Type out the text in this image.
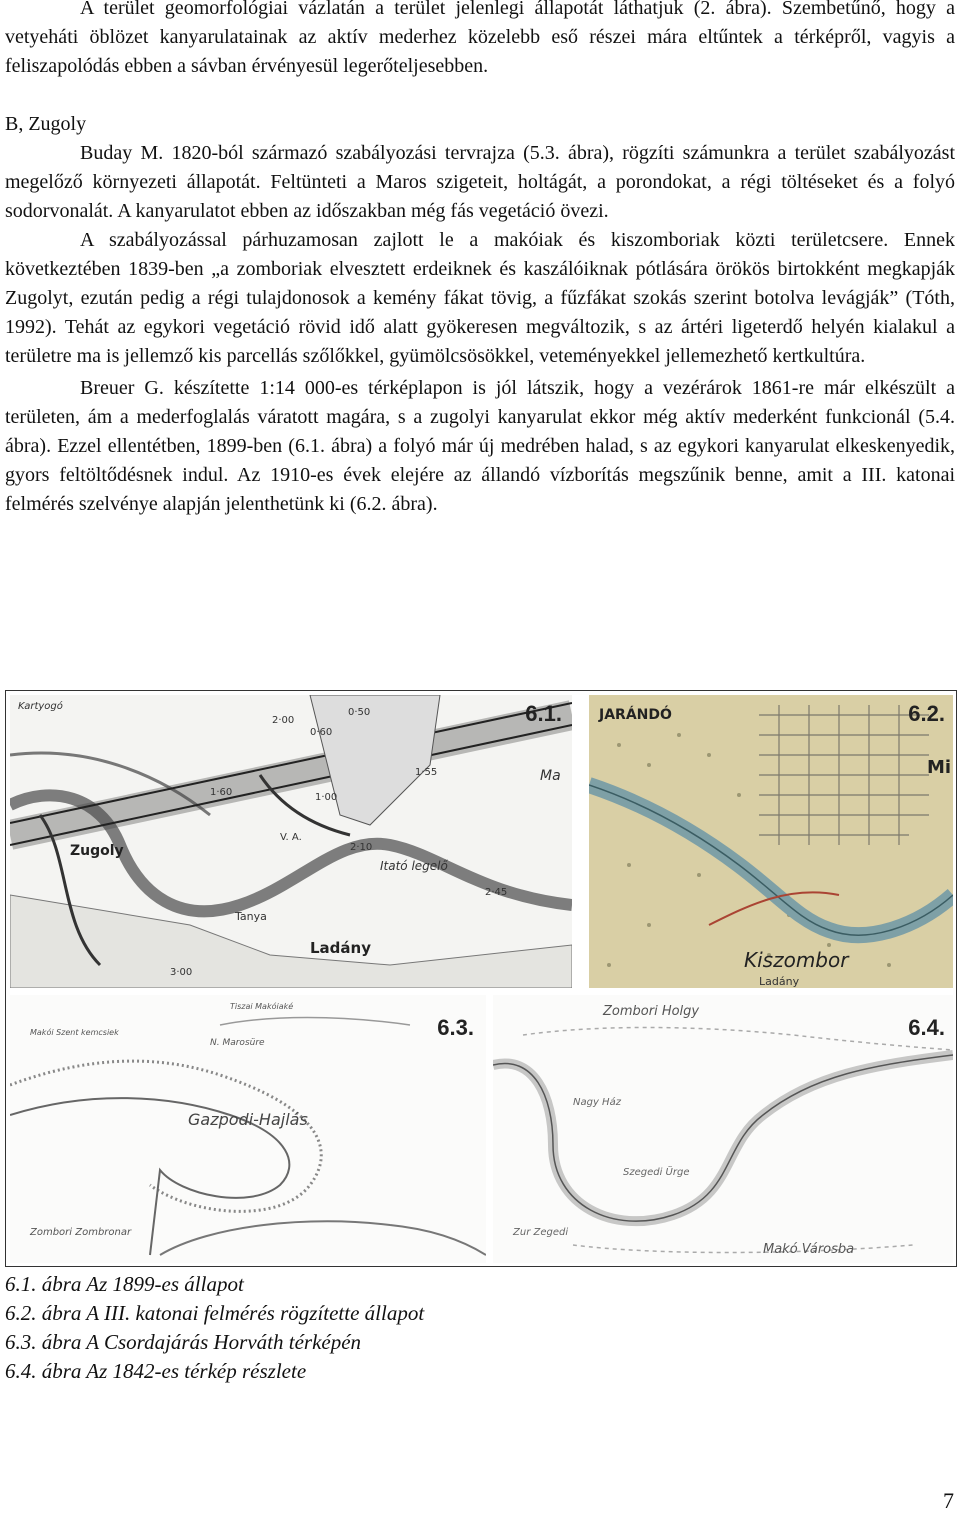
A terület geomorfológiai vázlatán a terület jelenlegi állapotát láthatjuk (2. ábra). Szembetűnő, hogy a vetyeháti öblözet kanyarulatainak az aktív mederhez közelebb eső részei mára eltűntek a térképről, vagyis a feliszapolódás ebben a sávban érvényesül legerőteljesebben.

B, Zugoly

Buday M. 1820-ból származó szabályozási tervrajza (5.3. ábra), rögzíti számunkra a terület szabályozást megelőző környezeti állapotát. Feltünteti a Maros szigeteit, holtágát, a porondokat, a régi töltéseket és a folyó sodorvonalát. A kanyarulatot ebben az időszakban még fás vegetáció övezi.

A szabályozással párhuzamosan zajlott le a makóiak és kiszomboriak közti területcsere. Ennek következtében 1839-ben „a zomboriak elvesztett erdeiknek és kaszálóiknak pótlására örökös birtokként megkapják Zugolyt, ezután pedig a régi tulajdonosok a kemény fákat tövig, a fűzfákat szokás szerint botolva levágják” (Tóth, 1992). Tehát az egykori vegetáció rövid idő alatt gyökeresen megváltozik, s az ártéri ligeterdő helyén kialakul a területre ma is jellemző kis parcellás szőlőkkel, gyümölcsösökkel, veteményekkel jellemezhető kertkultúra.

Breuer G. készítette 1:14 000-es térképlapon is jól látszik, hogy a vezérárok 1861-re már elkészült a területen, ám a mederfoglalás váratott magára, s a zugolyi kanyarulat ekkor még aktív mederként funkcionál (5.4. ábra). Ezzel ellentétben, 1899-ben (6.1. ábra) a folyó már új medrében halad, s az egykori kanyarulat elkeskenyedik, gyors feltöltődésnek indul. Az 1910-es évek elejére az állandó vízborítás megszűnik benne, amit a III. katonai felmérés szelvénye alapján jelenthetünk ki (6.2. ábra).

Zugoly
Ladány
Tanya
Itató legelő
Kartyogó
V. A.
0·50
0·60
2·00
1·55
2·10
2·45
3·00
1·00
1·60
Ma
6.1.	JARÁNDÓ
Kiszombor
Ladány
Mi
6.2.
Gazpodi-Hajlás
Zombori Zombronar
N. Marosüre
Makói Szent kemcsiek
Tiszai Makóiaké
6.3.
Zombori Holgy
Nagy Ház
Szegedi Ürge
Makó Városba
Zur Zegedi
6.4.
6.1. ábra Az 1899-es állapot
6.2. ábra A III. katonai felmérés rögzítette állapot
6.3. ábra A Csordajárás Horváth térképén
6.4. ábra Az 1842-es térkép részlete
7
